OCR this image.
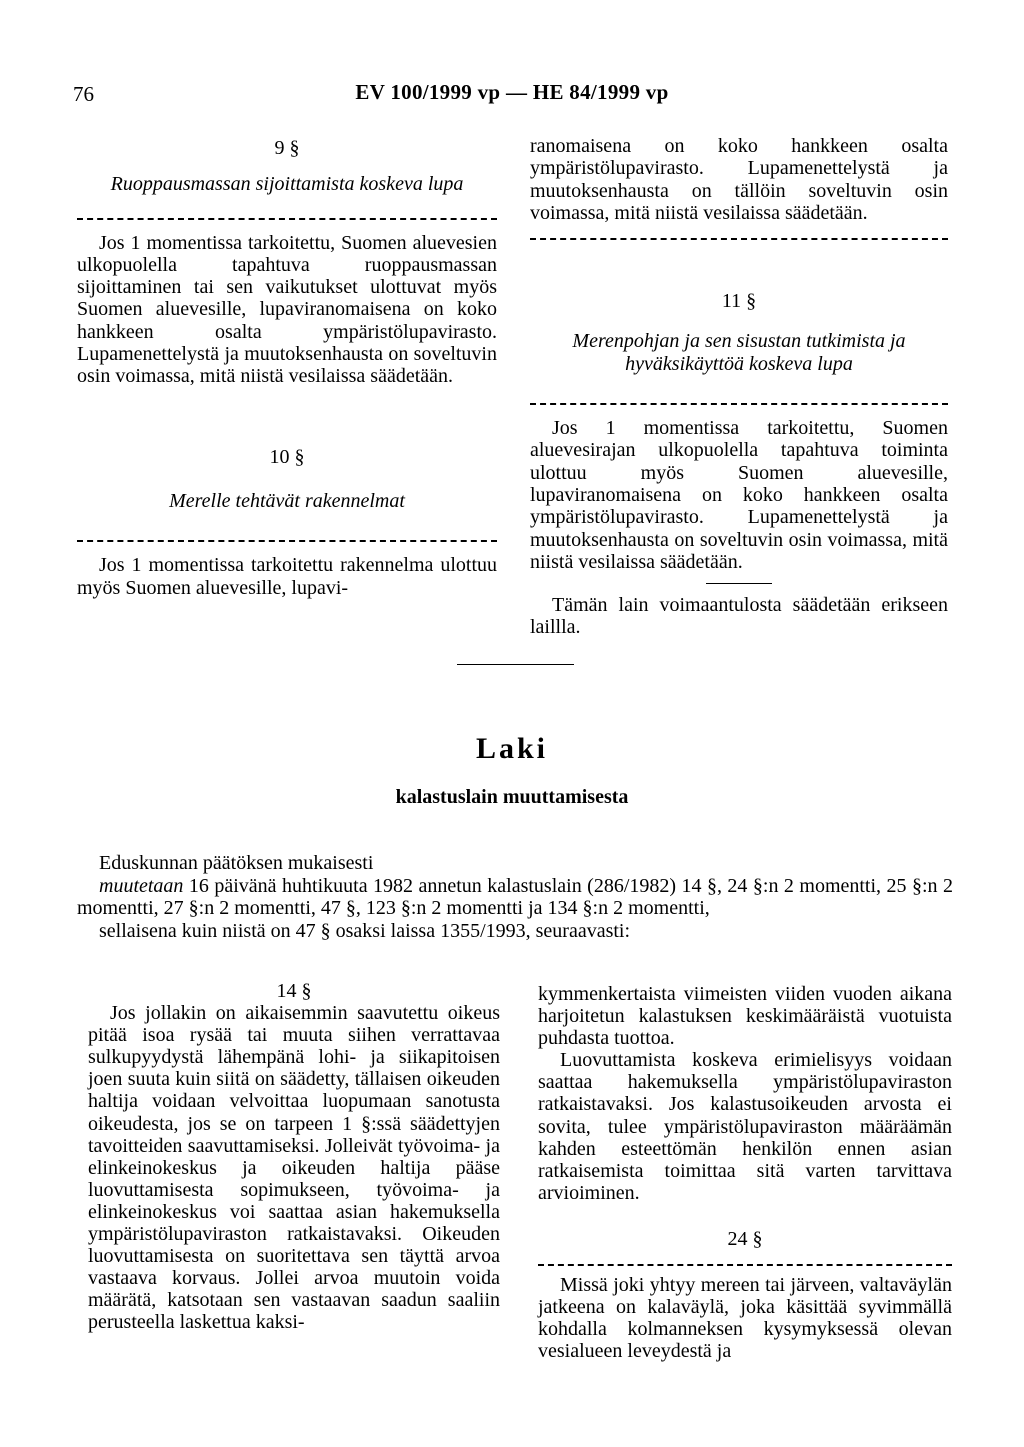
76	EV 100/1999 vp — HE 84/1999 vp

9 §

Ruoppausmassan sijoittamista koskeva lupa

Jos 1 momentissa tarkoitettu, Suomen aluevesien ulkopuolella tapahtuva ruoppausmassan sijoittaminen tai sen vaikutukset ulottuvat myös Suomen aluevesille, lupaviranomaisena on koko hankkeen osalta ympäristölupavirasto. Lupamenettelystä ja muutoksenhausta on soveltuvin osin voimassa, mitä niistä vesilaissa säädetään.

10 §

Merelle tehtävät rakennelmat

Jos 1 momentissa tarkoitettu rakennelma ulottuu myös Suomen aluevesille, lupavi-

ranomaisena on koko hankkeen osalta ympäristölupavirasto. Lupamenettelystä ja muutoksenhausta on tällöin soveltuvin osin voimassa, mitä niistä vesilaissa säädetään.

11 §

Merenpohjan ja sen sisustan tutkimista ja hyväksikäyttöä koskeva lupa

Jos 1 momentissa tarkoitettu, Suomen aluevesirajan ulkopuolella tapahtuva toiminta ulottuu myös Suomen aluevesille, lupaviranomaisena on koko hankkeen osalta ympäristölupavirasto. Lupamenettelystä ja muutoksenhausta on soveltuvin osin voimassa, mitä niistä vesilaissa säädetään.

Tämän lain voimaantulosta säädetään erikseen laillla.

Laki
kalastuslain muuttamisesta

Eduskunnan päätöksen mukaisesti

muutetaan 16 päivänä huhtikuuta 1982 annetun kalastuslain (286/1982) 14 §, 24 §:n 2 momentti, 25 §:n 2 momentti, 27 §:n 2 momentti, 47 §, 123 §:n 2 momentti ja 134 §:n 2 momentti,

sellaisena kuin niistä on 47 § osaksi laissa 1355/1993, seuraavasti:

14 §

Jos jollakin on aikaisemmin saavutettu oikeus pitää isoa rysää tai muuta siihen verrattavaa sulkupyydystä lähempänä lohi- ja siikapitoisen joen suuta kuin siitä on säädetty, tällaisen oikeuden haltija voidaan velvoittaa luopumaan sanotusta oikeudesta, jos se on tarpeen 1 §:ssä säädettyjen tavoitteiden saavuttamiseksi. Jolleivät työvoima- ja elinkeinokeskus ja oikeuden haltija pääse luovuttamisesta sopimukseen, työvoima- ja elinkeinokeskus voi saattaa asian hakemuksella ympäristölupaviraston ratkaistavaksi. Oikeuden luovuttamisesta on suoritettava sen täyttä arvoa vastaava korvaus. Jollei arvoa muutoin voida määrätä, katsotaan sen vastaavan saadun saaliin perusteella laskettua kaksi-

kymmenkertaista viimeisten viiden vuoden aikana harjoitetun kalastuksen keskimääräistä vuotuista puhdasta tuottoa.

Luovuttamista koskeva erimielisyys voidaan saattaa hakemuksella ympäristölupaviraston ratkaistavaksi. Jos kalastusoikeuden arvosta ei sovita, tulee ympäristölupaviraston määräämän kahden esteettömän henkilön ennen asian ratkaisemista toimittaa sitä varten tarvittava arvioiminen.

24 §

Missä joki yhtyy mereen tai järveen, valtaväylän jatkeena on kalaväylä, joka käsittää syvimmällä kohdalla kolmanneksen kysymyksessä olevan vesialueen leveydestä ja
